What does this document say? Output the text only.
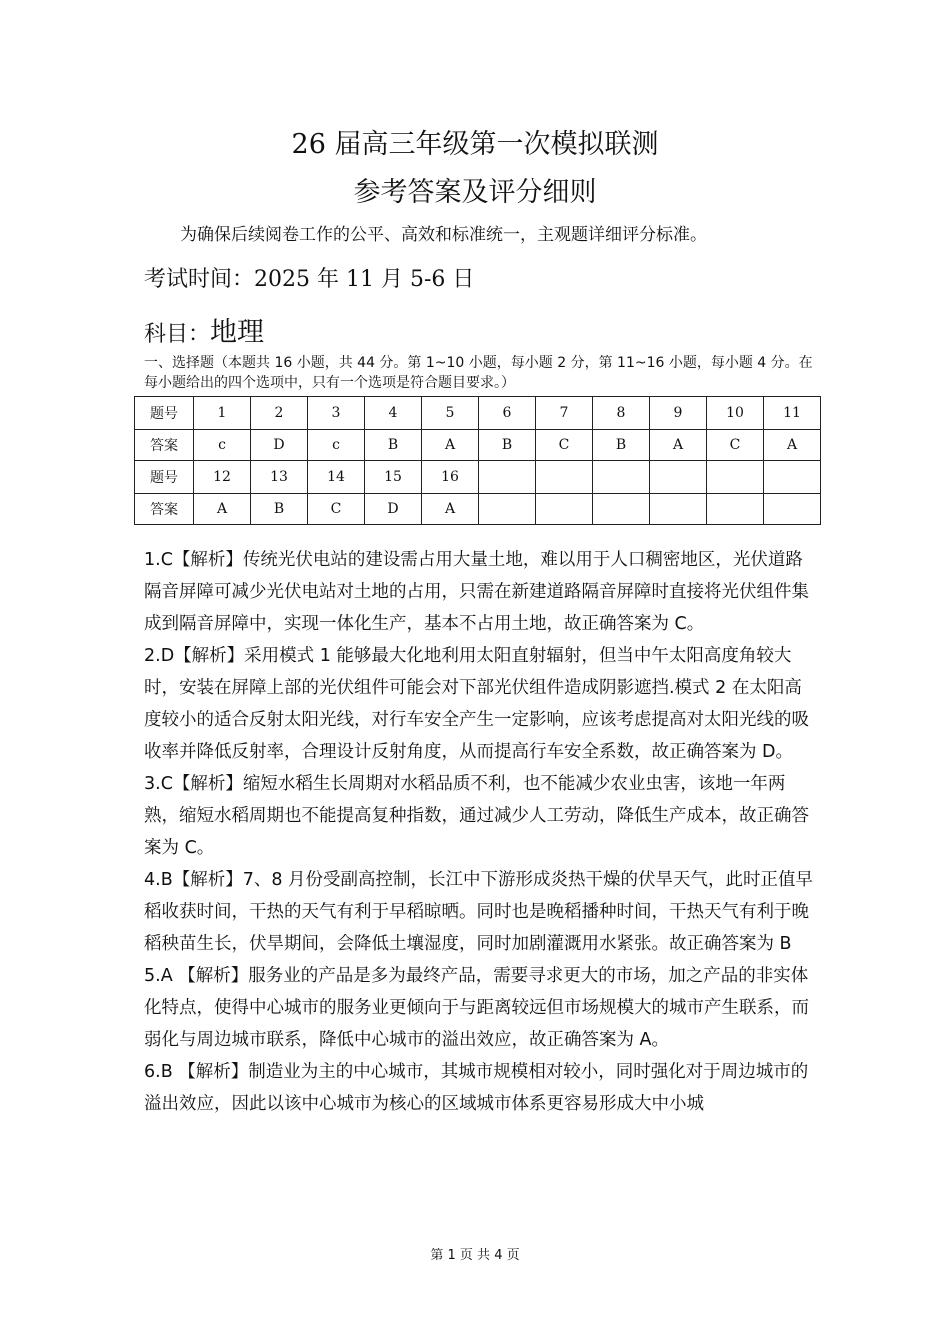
26 届高三年级第一次模拟联测
参考答案及评分细则
为确保后续阅卷工作的公平、高效和标准统一，主观题详细评分标准。
考试时间：2025 年 11 月 5-6 日
科目：地理
一、选择题（本题共 16 小题，共 44 分。第 1~10 小题，每小题 2 分，第 11~16 小题，每小题 4 分。在每小题给出的四个选项中，只有一个选项是符合题目要求。）
题号	1	2	3	4	5	6	7	8	9	10	11
答案	c	D	c	B	A	B	C	B	A	C	A
题号	12	13	14	15	16						
答案	A	B	C	D	A						

1.C【解析】传统光伏电站的建设需占用大量土地，难以用于人口稠密地区，光伏道路隔音屏障可减少光伏电站对土地的占用，只需在新建道路隔音屏障时直接将光伏组件集成到隔音屏障中，实现一体化生产，基本不占用土地，故正确答案为 C。

2.D【解析】采用模式 1 能够最大化地利用太阳直射辐射，但当中午太阳高度角较大时，安装在屏障上部的光伏组件可能会对下部光伏组件造成阴影遮挡.模式 2 在太阳高度较小的适合反射太阳光线，对行车安全产生一定影响，应该考虑提高对太阳光线的吸收率并降低反射率，合理设计反射角度，从而提高行车安全系数，故正确答案为 D。

3.C【解析】缩短水稻生长周期对水稻品质不利，也不能减少农业虫害，该地一年两熟，缩短水稻周期也不能提高复种指数，通过减少人工劳动，降低生产成本，故正确答案为 C。

4.B【解析】7、8 月份受副高控制，长江中下游形成炎热干燥的伏旱天气，此时正值早稻收获时间，干热的天气有利于早稻晾晒。同时也是晚稻播种时间，干热天气有利于晚稻秧苗生长，伏旱期间，会降低土壤湿度，同时加剧灌溉用水紧张。故正确答案为 B

5.A 【解析】服务业的产品是多为最终产品，需要寻求更大的市场，加之产品的非实体化特点，使得中心城市的服务业更倾向于与距离较远但市场规模大的城市产生联系，而弱化与周边城市联系，降低中心城市的溢出效应，故正确答案为 A。

6.B 【解析】制造业为主的中心城市，其城市规模相对较小，同时强化对于周边城市的溢出效应，因此以该中心城市为核心的区域城市体系更容易形成大中小城

第 1 页 共 4 页
